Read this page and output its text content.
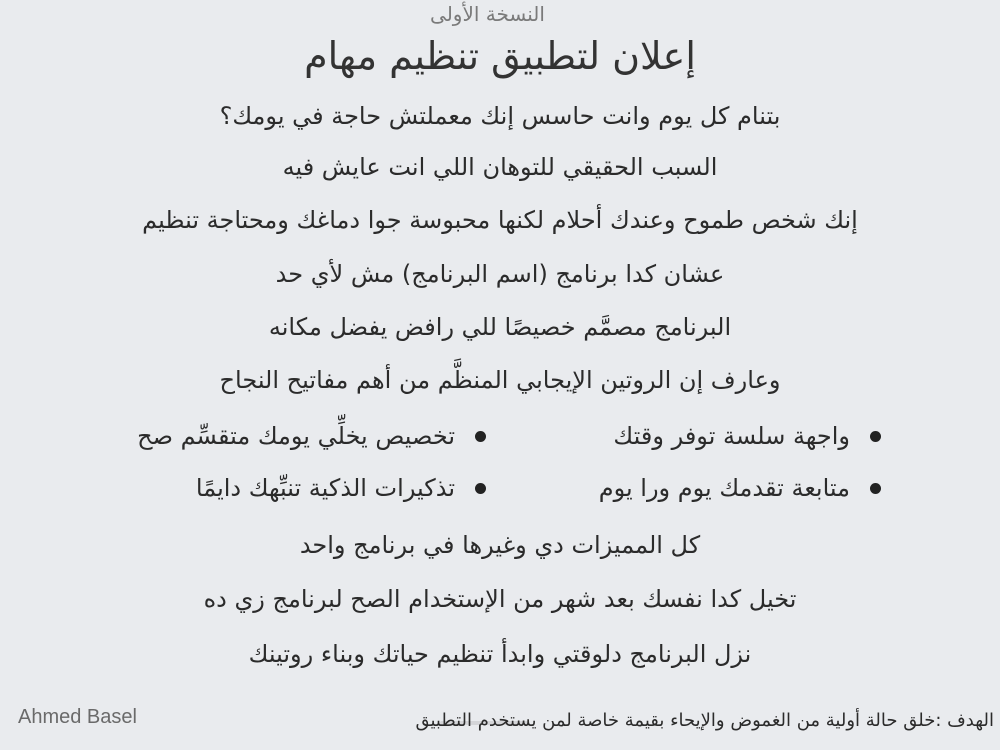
النسخة الأولى
إعلان لتطبيق تنظيم مهام
بتنام كل يوم وانت حاسس إنك معملتش حاجة في يومك؟
السبب الحقيقي للتوهان اللي انت عايش فيه
إنك شخص طموح وعندك أحلام لكنها محبوسة جوا دماغك ومحتاجة تنظيم
عشان كدا برنامج (اسم البرنامج) مش لأي حد
البرنامج مصمَّم خصيصًا للي رافض يفضل مكانه
وعارف إن الروتين الإيجابي المنظَّم من أهم مفاتيح النجاح
واجهة سلسة توفر وقتك
متابعة تقدمك يوم ورا يوم
تخصيص يخلِّي يومك متقسِّم صح
تذكيرات الذكية تنبِّهك دايمًا
كل المميزات دي وغيرها في برنامج واحد
تخيل كدا نفسك بعد شهر من الإستخدام الصح لبرنامج زي ده
نزل البرنامج دلوقتي وابدأ تنظيم حياتك وبناء روتينك
Ahmed Basel	الهدف :خلق حالة أولية من الغموض والإيحاء بقيمة خاصة لمن يستخدم التطبيق
